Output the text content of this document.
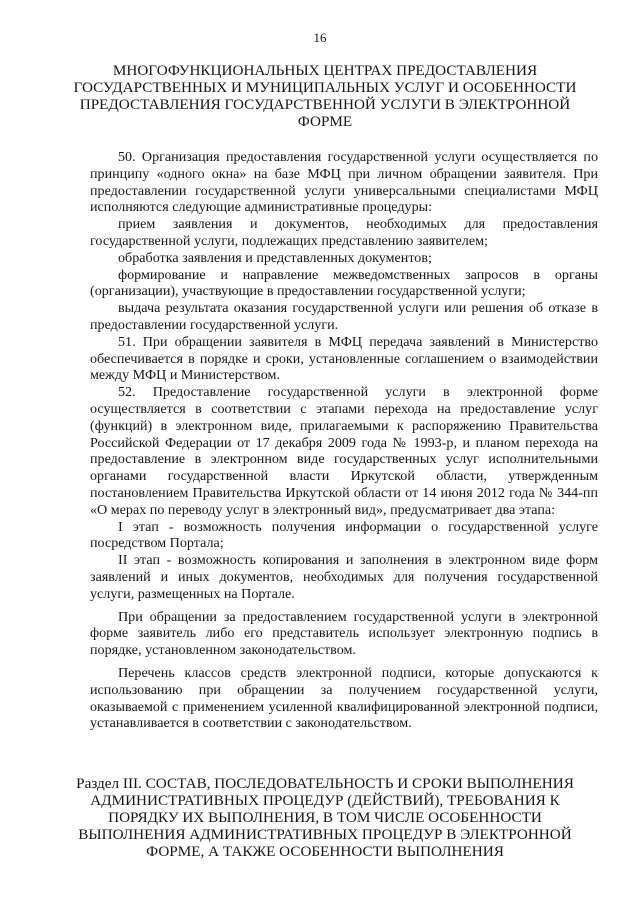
16
МНОГОФУНКЦИОНАЛЬНЫХ ЦЕНТРАХ ПРЕДОСТАВЛЕНИЯ
ГОСУДАРСТВЕННЫХ И МУНИЦИПАЛЬНЫХ УСЛУГ И ОСОБЕННОСТИ
ПРЕДОСТАВЛЕНИЯ ГОСУДАРСТВЕННОЙ УСЛУГИ В ЭЛЕКТРОННОЙ
ФОРМЕ

50. Организация предоставления государственной услуги осуществляется по принципу «одного окна» на базе МФЦ при личном обращении заявителя. При предоставлении государственной услуги универсальными специалистами МФЦ исполняются следующие административные процедуры:

прием заявления и документов, необходимых для предоставления государственной услуги, подлежащих представлению заявителем;

обработка заявления и представленных документов;

формирование и направление межведомственных запросов в органы (организации), участвующие в предоставлении государственной услуги;

выдача результата оказания государственной услуги или решения об отказе в предоставлении государственной услуги.

51. При обращении заявителя в МФЦ передача заявлений в Министерство обеспечивается в порядке и сроки, установленные соглашением о взаимодействии между МФЦ и Министерством.

52. Предоставление государственной услуги в электронной форме осуществляется в соответствии с этапами перехода на предоставление услуг (функций) в электронном виде, прилагаемыми к распоряжению Правительства Российской Федерации от 17 декабря 2009 года № 1993-р, и планом перехода на предоставление в электронном виде государственных услуг исполнительными органами государственной власти Иркутской области, утвержденным постановлением Правительства Иркутской области от 14 июня 2012 года № 344-пп «О мерах по переводу услуг в электронный вид», предусматривает два этапа:

I этап - возможность получения информации о государственной услуге посредством Портала;

II этап - возможность копирования и заполнения в электронном виде форм заявлений и иных документов, необходимых для получения государственной услуги, размещенных на Портале.

При обращении за предоставлением государственной услуги в электронной форме заявитель либо его представитель использует электронную подпись в порядке, установленном законодательством.

Перечень классов средств электронной подписи, которые допускаются к использованию при обращении за получением государственной услуги, оказываемой с применением усиленной квалифицированной электронной подписи, устанавливается в соответствии с законодательством.

Раздел III. СОСТАВ, ПОСЛЕДОВАТЕЛЬНОСТЬ И СРОКИ ВЫПОЛНЕНИЯ
АДМИНИСТРАТИВНЫХ ПРОЦЕДУР (ДЕЙСТВИЙ), ТРЕБОВАНИЯ К
ПОРЯДКУ ИХ ВЫПОЛНЕНИЯ, В ТОМ ЧИСЛЕ ОСОБЕННОСТИ
ВЫПОЛНЕНИЯ АДМИНИСТРАТИВНЫХ ПРОЦЕДУР В ЭЛЕКТРОННОЙ
ФОРМЕ, А ТАКЖЕ ОСОБЕННОСТИ ВЫПОЛНЕНИЯ
